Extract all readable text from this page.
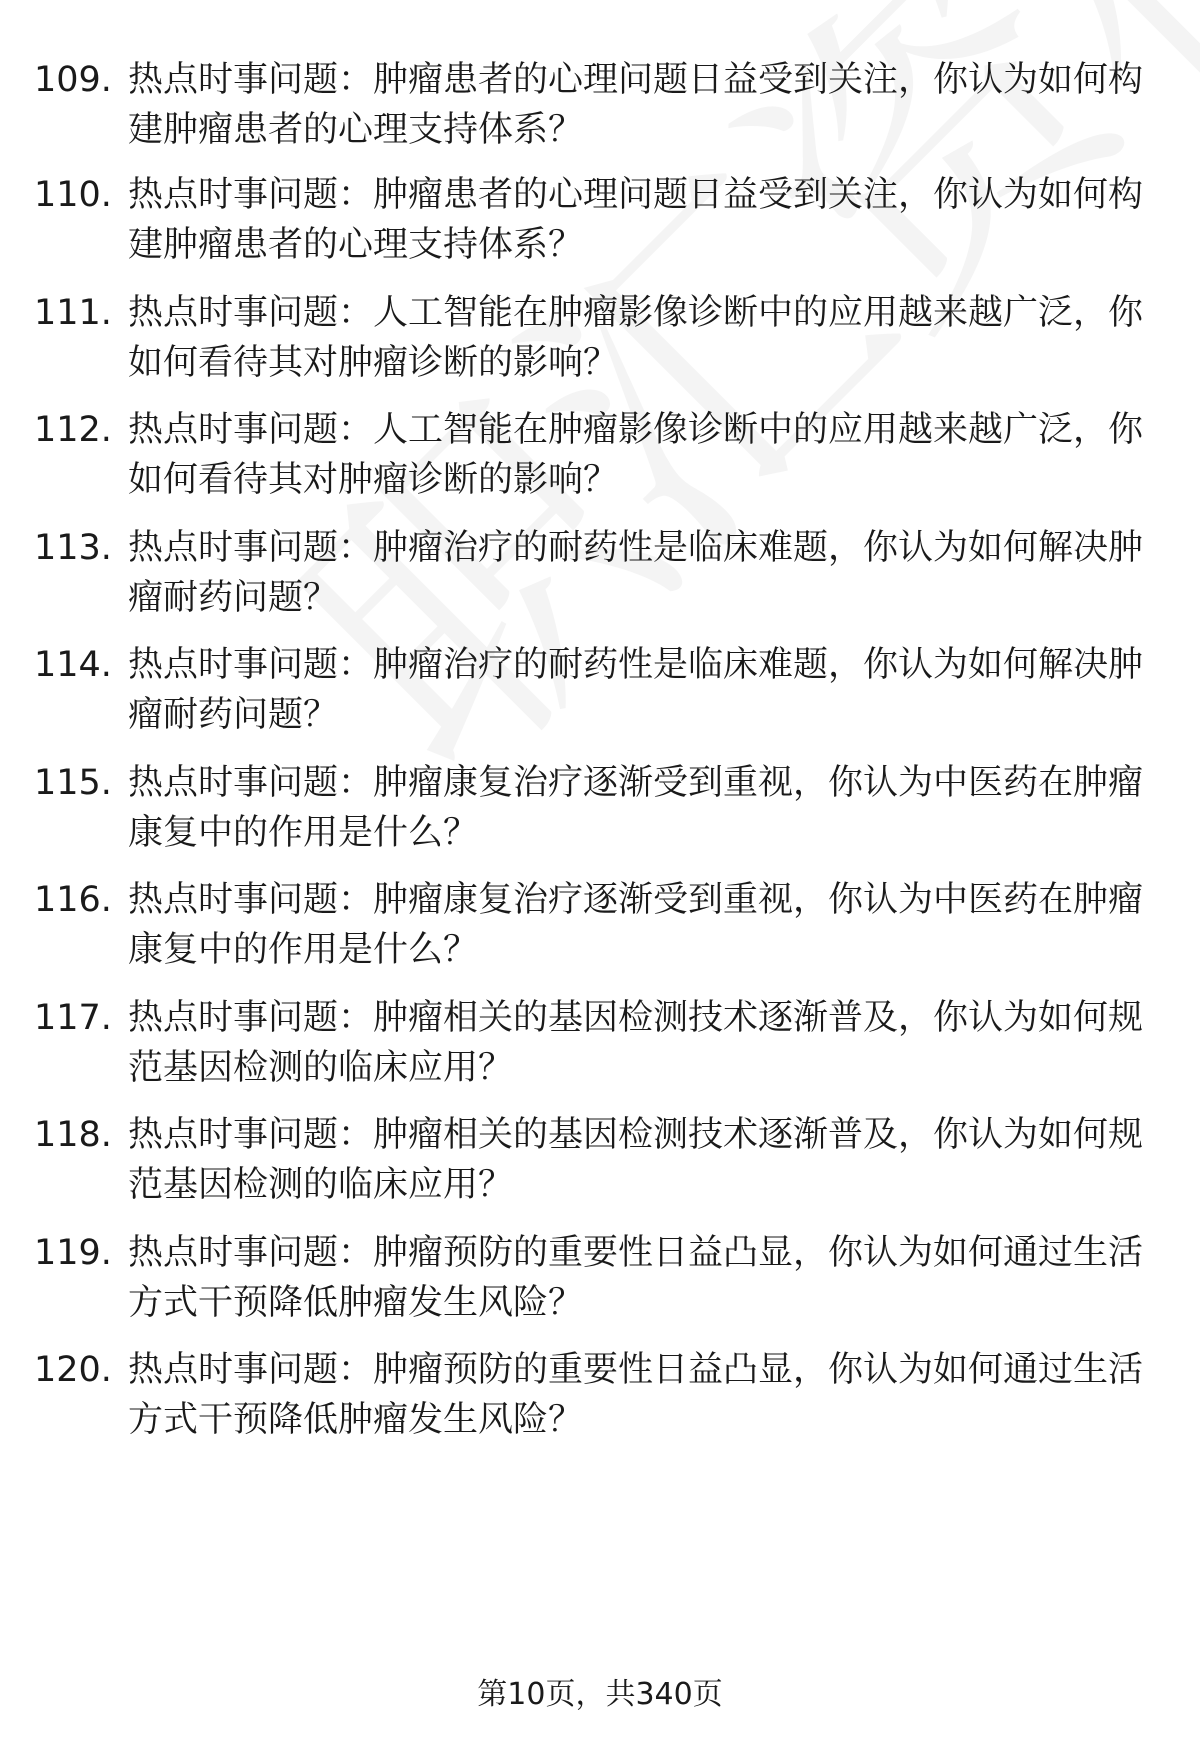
109. 热点时事问题：肿瘤患者的心理问题日益受到关注，你认为如何构建肿瘤患者的心理支持体系？
110. 热点时事问题：肿瘤患者的心理问题日益受到关注，你认为如何构建肿瘤患者的心理支持体系？
111. 热点时事问题：人工智能在肿瘤影像诊断中的应用越来越广泛，你如何看待其对肿瘤诊断的影响？
112. 热点时事问题：人工智能在肿瘤影像诊断中的应用越来越广泛，你如何看待其对肿瘤诊断的影响？
113. 热点时事问题：肿瘤治疗的耐药性是临床难题，你认为如何解决肿瘤耐药问题？
114. 热点时事问题：肿瘤治疗的耐药性是临床难题，你认为如何解决肿瘤耐药问题？
115. 热点时事问题：肿瘤康复治疗逐渐受到重视，你认为中医药在肿瘤康复中的作用是什么？
116. 热点时事问题：肿瘤康复治疗逐渐受到重视，你认为中医药在肿瘤康复中的作用是什么？
117. 热点时事问题：肿瘤相关的基因检测技术逐渐普及，你认为如何规范基因检测的临床应用？
118. 热点时事问题：肿瘤相关的基因检测技术逐渐普及，你认为如何规范基因检测的临床应用？
119. 热点时事问题：肿瘤预防的重要性日益凸显，你认为如何通过生活方式干预降低肿瘤发生风险？
120. 热点时事问题：肿瘤预防的重要性日益凸显，你认为如何通过生活方式干预降低肿瘤发生风险？
第10页，共340页
